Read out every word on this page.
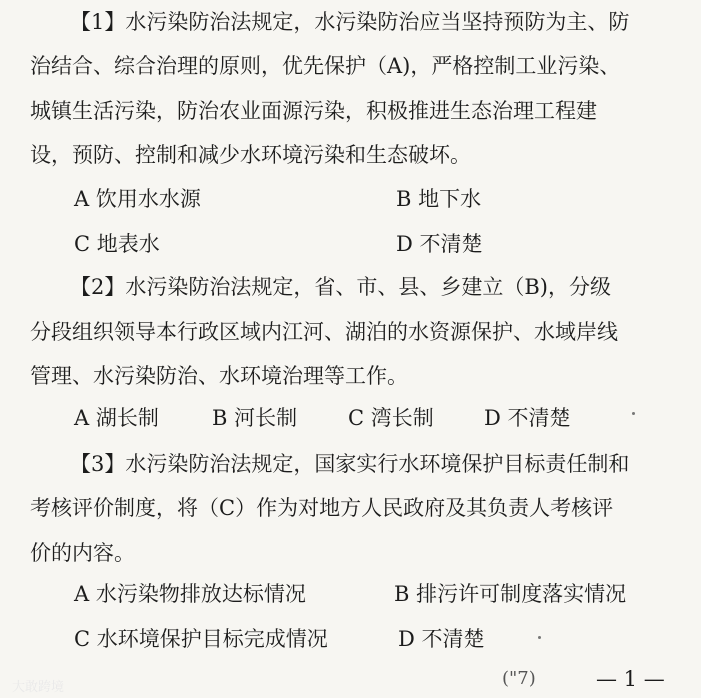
【1】水污染防治法规定，水污染防治应当坚持预防为主、防
治结合、综合治理的原则，优先保护（A)，严格控制工业污染、
城镇生活污染，防治农业面源污染，积极推进生态治理工程建
设，预防、控制和减少水环境污染和生态破坏。
A 饮用水水源	B 地下水
C 地表水	D 不清楚
【2】水污染防治法规定，省、市、县、乡建立（B)，分级
分段组织领导本行政区域内江河、湖泊的水资源保护、水域岸线
管理、水污染防治、水环境治理等工作。
A 湖长制	B 河长制 C 湾长制 D 不清楚
【3】水污染防治法规定，国家实行水环境保护目标责任制和
考核评价制度，将（C）作为对地方人民政府及其负责人考核评
价的内容。
A 水污染物排放达标情况	B 排污许可制度落实情况
C 水环境保护目标完成情况	D 不清楚
("7)	— 1 —
大敢跨境
